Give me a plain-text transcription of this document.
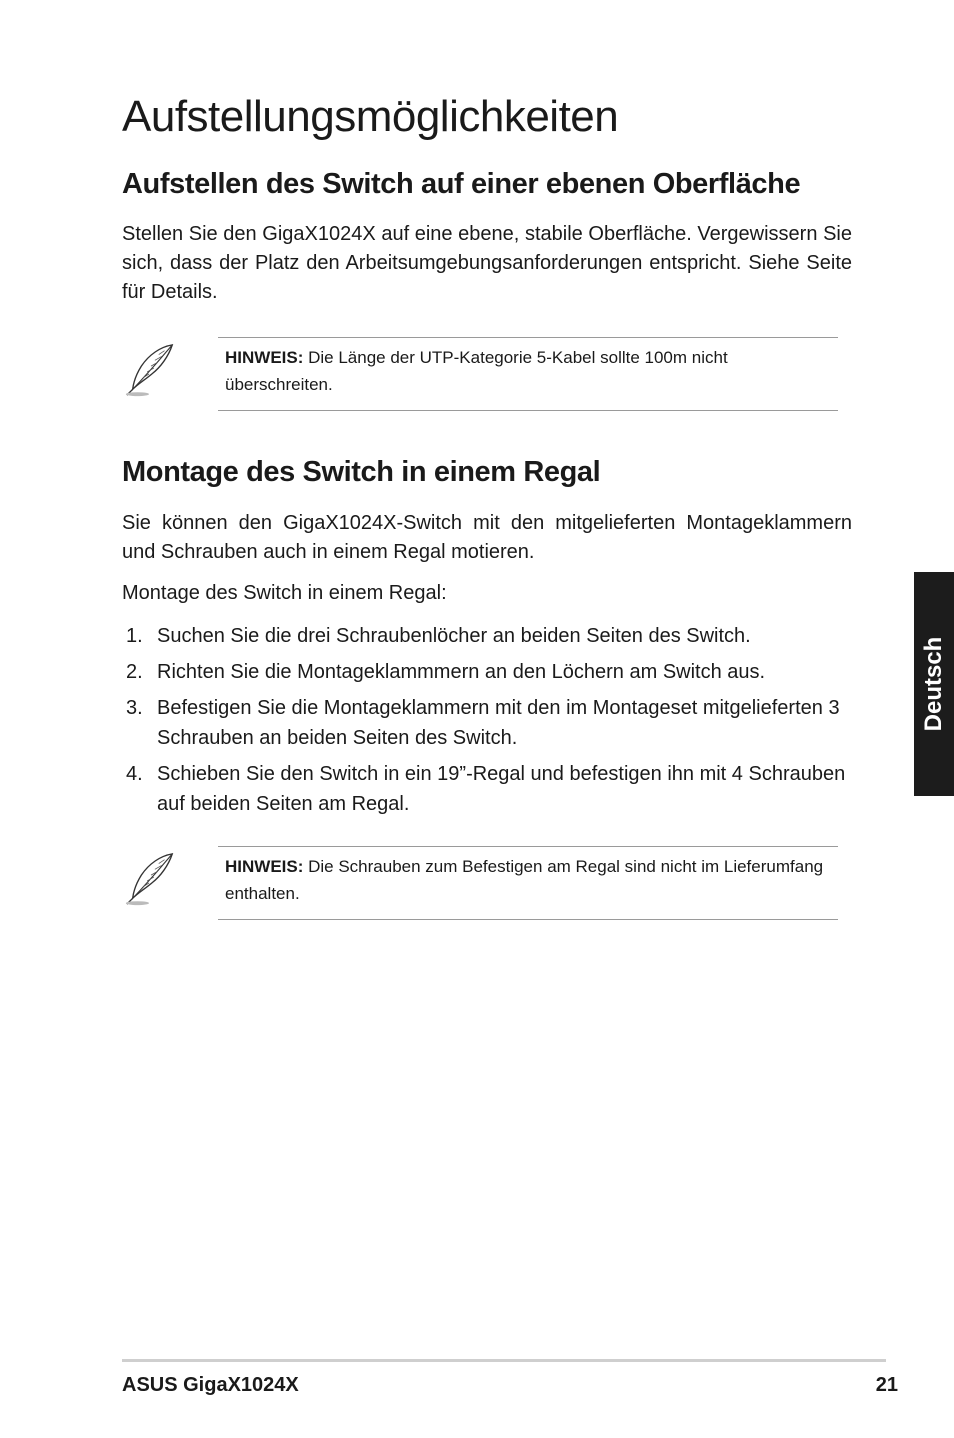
Aufstellungsmöglichkeiten
Aufstellen des Switch auf einer ebenen Oberfläche

Stellen Sie den GigaX1024X auf eine ebene, stabile Oberfläche. Vergewissern Sie sich, dass der Platz den Arbeitsumgebungsanforderungen entspricht. Siehe Seite für Details.

HINWEIS: Die Länge der UTP-Kategorie 5-Kabel sollte 100m nicht überschreiten.
Montage des Switch in einem Regal

Sie können den GigaX1024X-Switch mit den mitgelieferten Montageklammern und Schrauben auch in einem Regal motieren.

Montage des Switch in einem Regal:

1. Suchen Sie die drei Schraubenlöcher an beiden Seiten des Switch.
2. Richten Sie die Montageklammmern an den Löchern am Switch aus.
3. Befestigen Sie die Montageklammern mit den im Montageset mitgelieferten 3 Schrauben an beiden Seiten des Switch.
4. Schieben Sie den Switch in ein 19”-Regal und befestigen ihn mit 4 Schrauben auf beiden Seiten am Regal.
HINWEIS: Die Schrauben zum Befestigen am Regal sind nicht im Lieferumfang enthalten.
Deutsch
ASUS GigaX1024X	21
